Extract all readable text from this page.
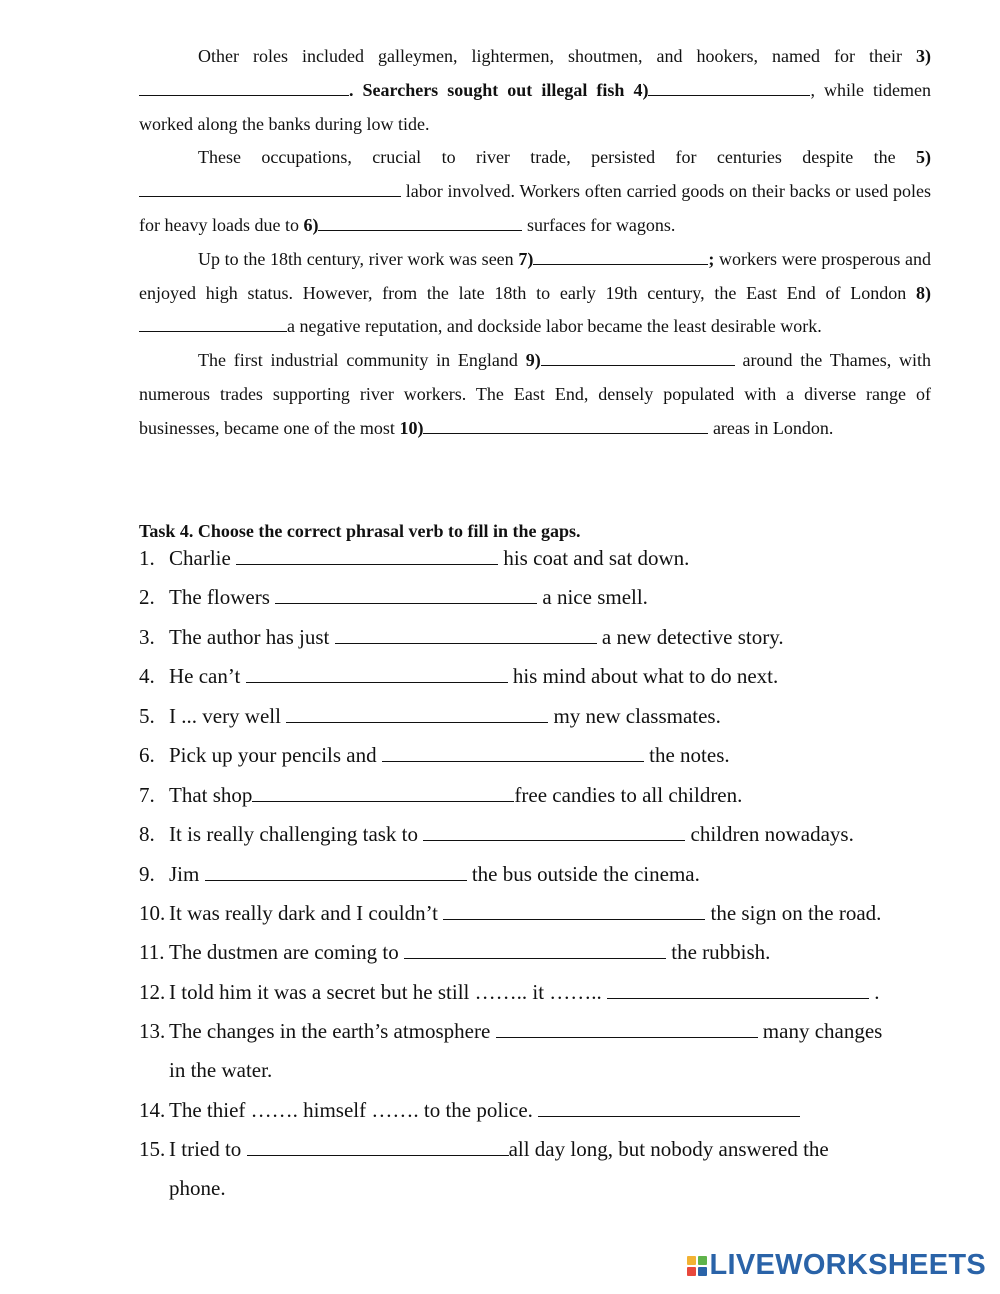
Other roles included galleymen, lightermen, shoutmen, and hookers, named for their 3). Searchers sought out illegal fish 4)	, while tidemen worked along the banks during low tide.

These occupations, crucial to river trade, persisted for centuries despite the 5) labor involved. Workers often carried goods on their backs or used poles for heavy loads due to 6)	surfaces for wagons.

Up to the 18th century, river work was seen 7)	; workers were prosperous and enjoyed high status. However, from the late 18th to early 19th century, the East End of London 8) a negative reputation, and dockside labor became the least desirable work.

The first industrial community in England 9)	around the Thames, with numerous trades supporting river workers. The East End, densely populated with a diverse range of businesses, became one of the most 10)	areas in London.

Task 4. Choose the correct phrasal verb to fill in the gaps.
1. Charlie	his coat and sat down.
2. The flowers	a nice smell.
3. The author has just	a new detective story.
4. He can’t	his mind about what to do next.
5. I ... very well	my new classmates.
6. Pick up your pencils and	the notes.
7. That shop	free candies to all children.
8. It is really challenging task to	children nowadays.
9. Jim	the bus outside the cinema.
10. It was really dark and I couldn’t	the sign on the road.
11. The dustmen are coming to	the rubbish.
12. I told him it was a secret but he still …….. it ……..	.
13. The changes in the earth’s atmosphere	many changes
in the water.
14. The thief ……. himself ……. to the police.
15. I tried to	all day long, but nobody answered the
phone.
LIVEWORKSHEETS
